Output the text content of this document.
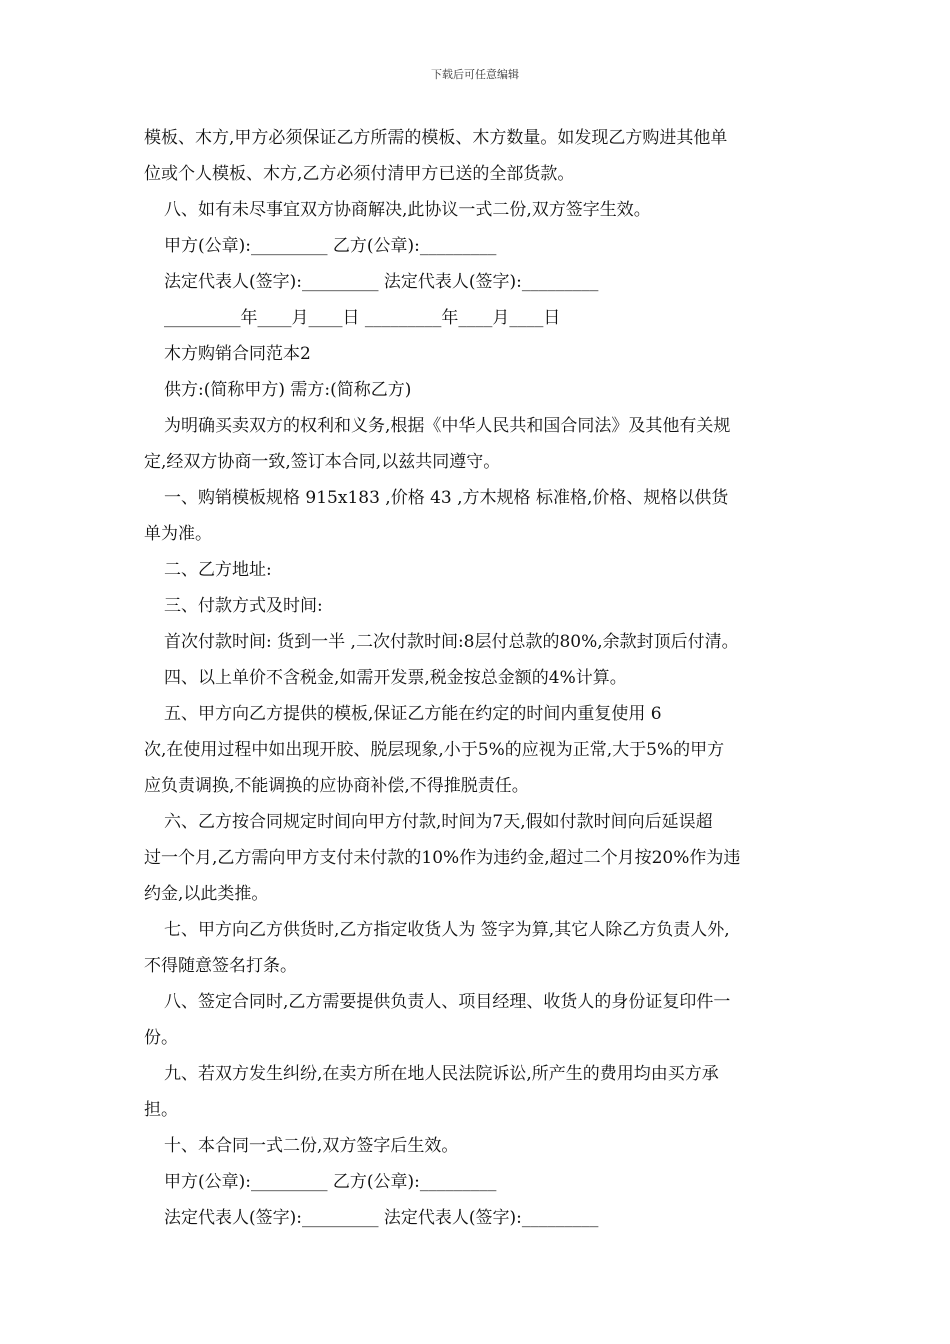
下载后可任意编辑
模板、木方,甲方必须保证乙方所需的模板、木方数量。如发现乙方购进其他单
位或个人模板、木方,乙方必须付清甲方已送的全部货款。
八、如有未尽事宜双方协商解决,此协议一式二份,双方签字生效。
甲方(公章):_________ 乙方(公章):_________
法定代表人(签字):_________ 法定代表人(签字):_________
_________年____月____日 _________年____月____日
木方购销合同范本2
供方:(简称甲方) 需方:(简称乙方)
为明确买卖双方的权利和义务,根据《中华人民共和国合同法》及其他有关规
定,经双方协商一致,签订本合同,以兹共同遵守。
一、购销模板规格 915x183 ,价格 43 ,方木规格 标准格,价格、规格以供货
单为准。
二、乙方地址:
三、付款方式及时间:
首次付款时间: 货到一半 ,二次付款时间:8层付总款的80%,余款封顶后付清。
四、以上单价不含税金,如需开发票,税金按总金额的4%计算。
五、甲方向乙方提供的模板,保证乙方能在约定的时间内重复使用 6
次,在使用过程中如出现开胶、脱层现象,小于5%的应视为正常,大于5%的甲方
应负责调换,不能调换的应协商补偿,不得推脱责任。
六、乙方按合同规定时间向甲方付款,时间为7天,假如付款时间向后延误超
过一个月,乙方需向甲方支付未付款的10%作为违约金,超过二个月按20%作为违
约金,以此类推。
七、甲方向乙方供货时,乙方指定收货人为 签字为算,其它人除乙方负责人外,
不得随意签名打条。
八、签定合同时,乙方需要提供负责人、项目经理、收货人的身份证复印件一
份。
九、若双方发生纠纷,在卖方所在地人民法院诉讼,所产生的费用均由买方承
担。
十、本合同一式二份,双方签字后生效。
甲方(公章):_________ 乙方(公章):_________
法定代表人(签字):_________ 法定代表人(签字):_________
